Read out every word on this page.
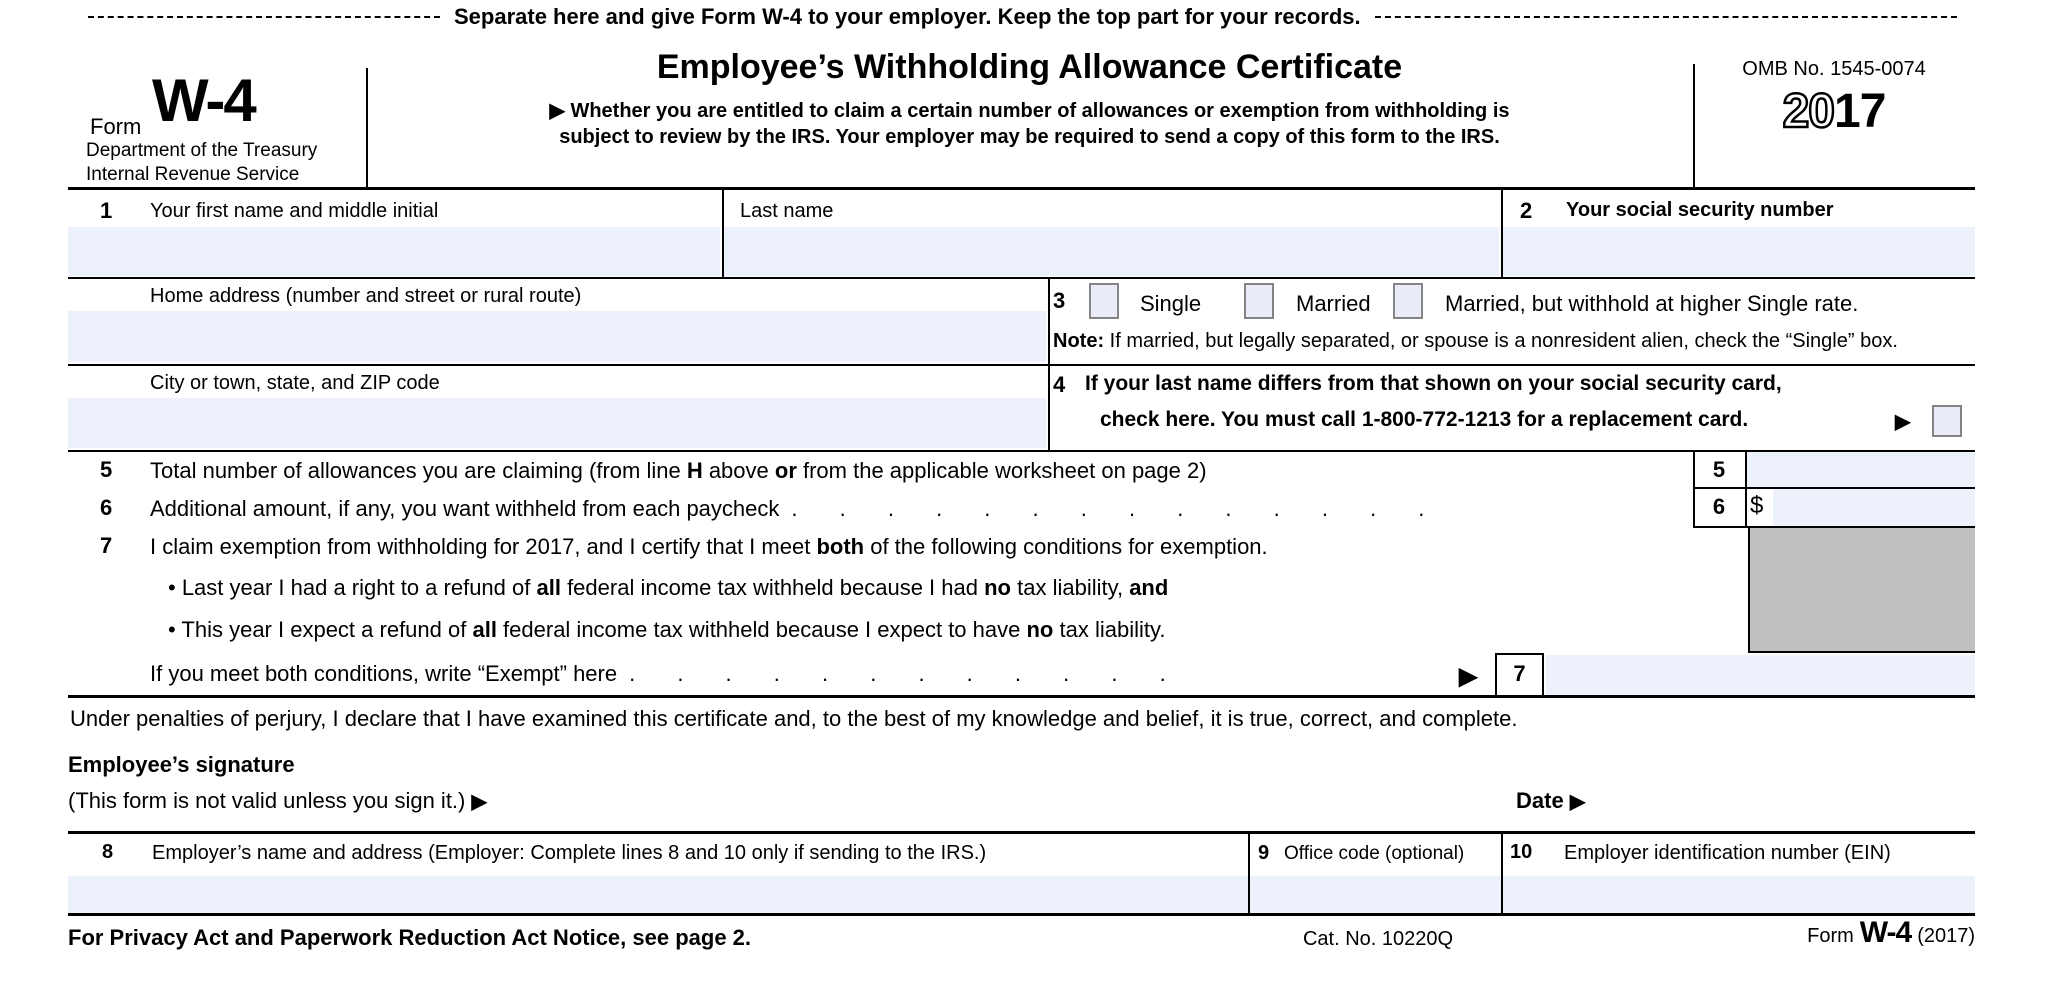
Separate here and give Form W-4 to your employer. Keep the top part for your records.
Form W-4
Department of the Treasury
Internal Revenue Service
Employee’s Withholding Allowance Certificate
▶ Whether you are entitled to claim a certain number of allowances or exemption from withholding is
subject to review by the IRS. Your employer may be required to send a copy of this form to the IRS.
OMB No. 1545-0074
2017
1 Your first name and middle initial	Last name	2 Your social security number
Home address (number and street or rural route)	3	Single	Married	Married, but withhold at higher Single rate.
Note: If married, but legally separated, or spouse is a nonresident alien, check the “Single” box.
City or town, state, and ZIP code	4 If your last name differs from that shown on your social security card,
check here. You must call 1-800-772-1213 for a replacement card.	▶
5 Total number of allowances you are claiming (from line H above or from the applicable worksheet on page 2)	5
6 Additional amount, if any, you want withheld from each paycheck . . . . . . . . . . . . . .	6	$
7 I claim exemption from withholding for 2017, and I certify that I meet both of the following conditions for exemption.
• Last year I had a right to a refund of all federal income tax withheld because I had no tax liability, and
• This year I expect a refund of all federal income tax withheld because I expect to have no tax liability.
If you meet both conditions, write “Exempt” here . . . . . . . . . . . .	▶	7
Under penalties of perjury, I declare that I have examined this certificate and, to the best of my knowledge and belief, it is true, correct, and complete.
Employee’s signature
(This form is not valid unless you sign it.) ▶	Date ▶
8 Employer’s name and address (Employer: Complete lines 8 and 10 only if sending to the IRS.)	9 Office code (optional) 10 Employer identification number (EIN)
For Privacy Act and Paperwork Reduction Act Notice, see page 2.	Cat. No. 10220Q	Form W-4 (2017)
